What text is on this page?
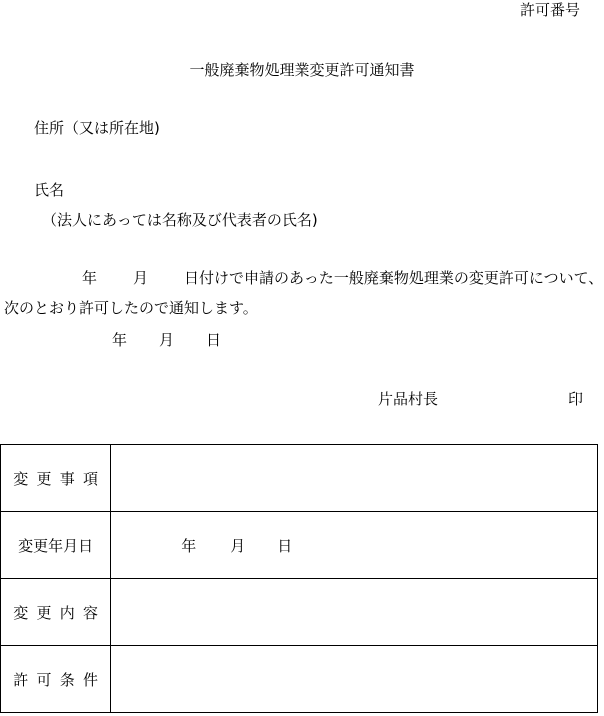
許可番号
一般廃棄物処理業変更許可通知書
住所（又は所在地)
氏名
（法人にあっては名称及び代表者の氏名)
年 月 日付けで申請のあった一般廃棄物処理業の変更許可について、
次のとおり許可したので通知します。
年 月 日
片品村長	印
変更事項	
変更年月日	年 月 日
変更内容	
許可条件	
